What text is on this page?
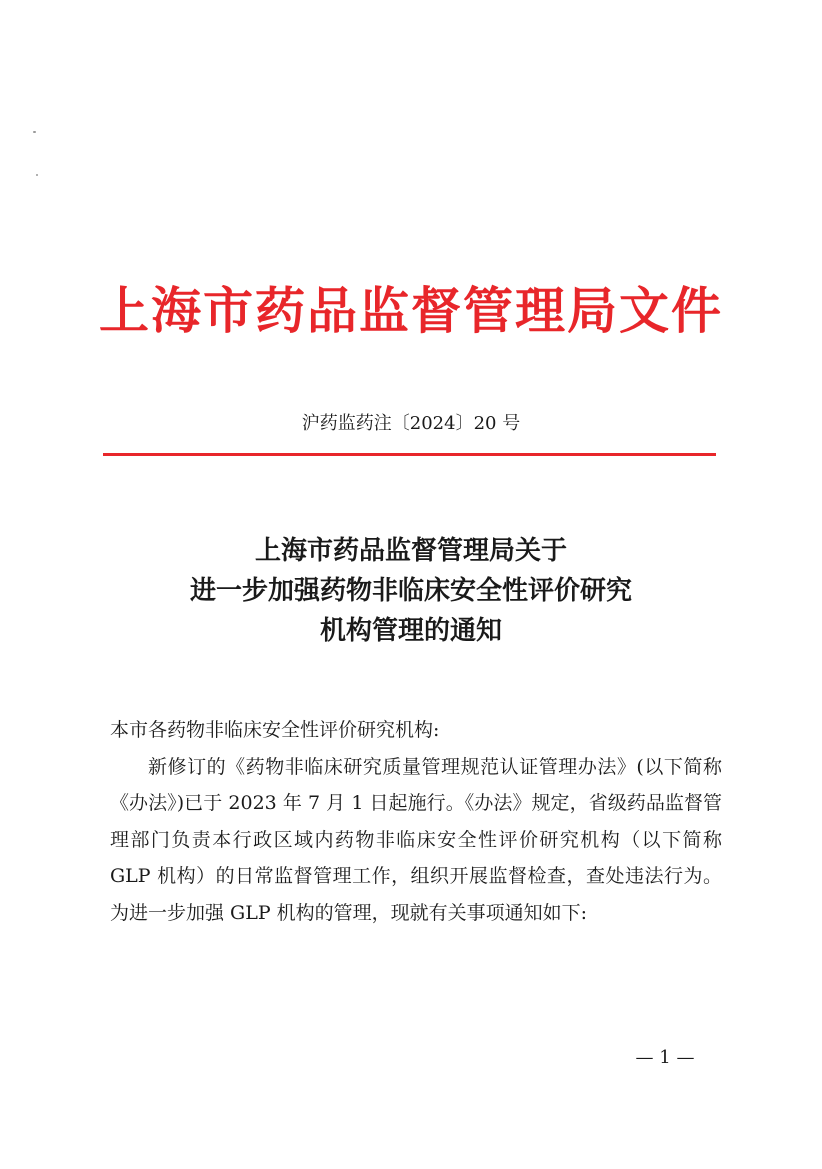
上海市药品监督管理局文件
沪药监药注〔2024〕20 号
上海市药品监督管理局关于
进一步加强药物非临床安全性评价研究
机构管理的通知

本市各药物非临床安全性评价研究机构:

新修订的《药物非临床研究质量管理规范认证管理办法》(以下简称《办法》)已于 2023 年 7 月 1 日起施行。《办法》规定，省级药品监督管理部门负责本行政区域内药物非临床安全性评价研究机构（以下简称 GLP 机构）的日常监督管理工作，组织开展监督检查，查处违法行为。为进一步加强 GLP 机构的管理，现就有关事项通知如下:

— 1 —
